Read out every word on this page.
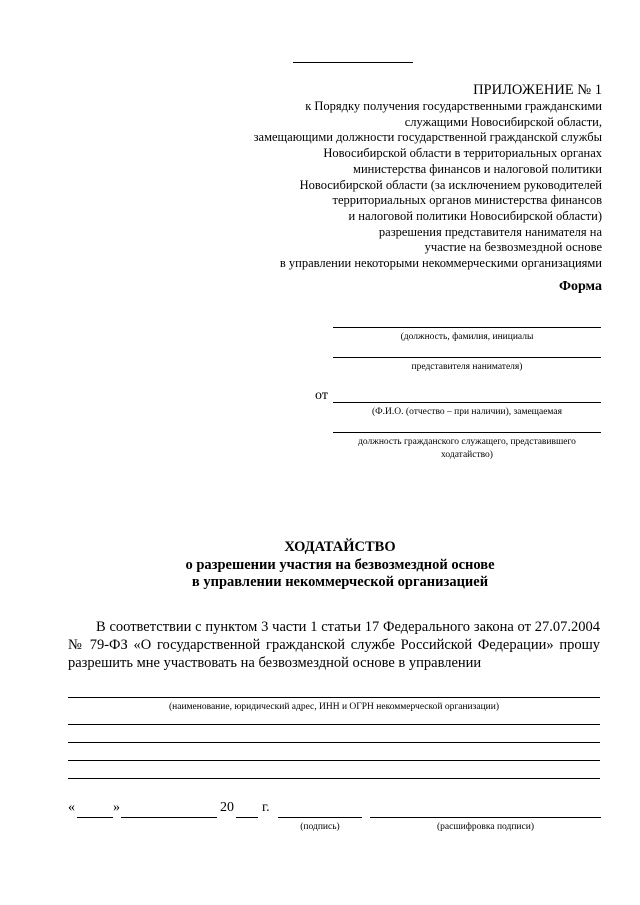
ПРИЛОЖЕНИЕ № 1
к Порядку получения государственными гражданскими
служащими Новосибирской области,
замещающими должности государственной гражданской службы
Новосибирской области в территориальных органах
министерства финансов и налоговой политики
Новосибирской области (за исключением руководителей
территориальных органов министерства финансов
и налоговой политики Новосибирской области)
разрешения представителя нанимателя на
участие на безвозмездной основе
в управлении некоторыми некоммерческими организациями
Форма
(должность, фамилия, инициалы
представителя нанимателя)
от
(Ф.И.О. (отчество – при наличии), замещаемая
должность гражданского служащего, представившего
ходатайство)
ХОДАТАЙСТВО
о разрешении участия на безвозмездной основе
в управлении некоммерческой организацией
В соответствии с пунктом 3 части 1 статьи 17 Федерального закона от 27.07.2004 № 79-ФЗ «О государственной гражданской службе Российской Федерации» прошу разрешить мне участвовать на безвозмездной основе в управлении
(наименование, юридический адрес, ИНН и ОГРН некоммерческой организации)
«	»	20 г.
(подпись)	(расшифровка подписи)
